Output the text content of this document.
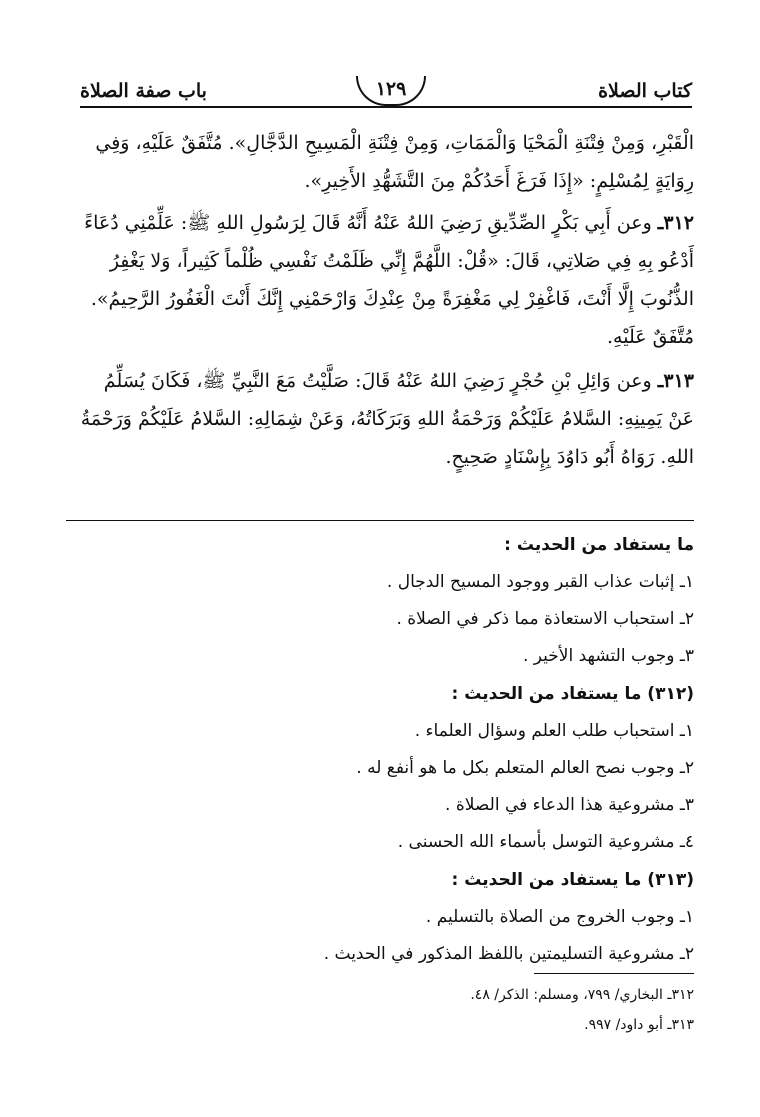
كتاب الصلاة
١٢٩
باب صفة الصلاة
الْقَبْرِ، وَمِنْ فِتْنَةِ الْمَحْيَا وَالْمَمَاتِ، وَمِنْ فِتْنَةِ الْمَسِيحِ الدَّجَّالِ». مُتَّفَقٌ عَلَيْهِ، وَفِي
رِوَايَةٍ لِمُسْلِمٍ: «إِذَا فَرَغَ أَحَدُكُمْ مِنَ التَّشَهُّدِ الأَخِيرِ».
٣١٢ـ وعن أَبِي بَكْرٍ الصِّدِّيقِ رَضِيَ اللهُ عَنْهُ أَنَّهُ قَالَ لِرَسُولِ اللهِ ﷺ: عَلِّمْنِي دُعَاءً
أَدْعُو بِهِ فِي صَلاتِي، قَالَ: «قُلْ: اللَّهُمَّ إِنِّي ظَلَمْتُ نَفْسِي ظُلْماً كَثِيراً، وَلا يَغْفِرُ
الذُّنُوبَ إِلَّا أَنْتَ، فَاغْفِرْ لِي مَغْفِرَةً مِنْ عِنْدِكَ وَارْحَمْنِي إِنَّكَ أَنْتَ الْغَفُورُ الرَّحِيمُ».
مُتَّفَقٌ عَلَيْهِ.
٣١٣ـ وعن وَائِلِ بْنِ حُجْرٍ رَضِيَ اللهُ عَنْهُ قَالَ: صَلَّيْتُ مَعَ النَّبِيِّ ﷺ، فَكَانَ يُسَلِّمُ
عَنْ يَمِينِهِ: السَّلامُ عَلَيْكُمْ وَرَحْمَةُ اللهِ وَبَرَكَاتُهُ، وَعَنْ شِمَالِهِ: السَّلامُ عَلَيْكُمْ وَرَحْمَةُ
اللهِ. رَوَاهُ أَبُو دَاوُدَ بِإِسْنَادٍ صَحِيحٍ.
ما يستفاد من الحديث :
١ـ إثبات عذاب القبر ووجود المسيح الدجال .
٢ـ استحباب الاستعاذة مما ذكر في الصلاة .
٣ـ وجوب التشهد الأخير .
(٣١٢) ما يستفاد من الحديث :
١ـ استحباب طلب العلم وسؤال العلماء .
٢ـ وجوب نصح العالم المتعلم بكل ما هو أنفع له .
٣ـ مشروعية هذا الدعاء في الصلاة .
٤ـ مشروعية التوسل بأسماء الله الحسنى .
(٣١٣) ما يستفاد من الحديث :
١ـ وجوب الخروج من الصلاة بالتسليم .
٢ـ مشروعية التسليمتين باللفظ المذكور في الحديث .
٣١٢ـ البخاري/ ٧٩٩، ومسلم: الذكر/ ٤٨.
٣١٣ـ أبو داود/ ٩٩٧.
